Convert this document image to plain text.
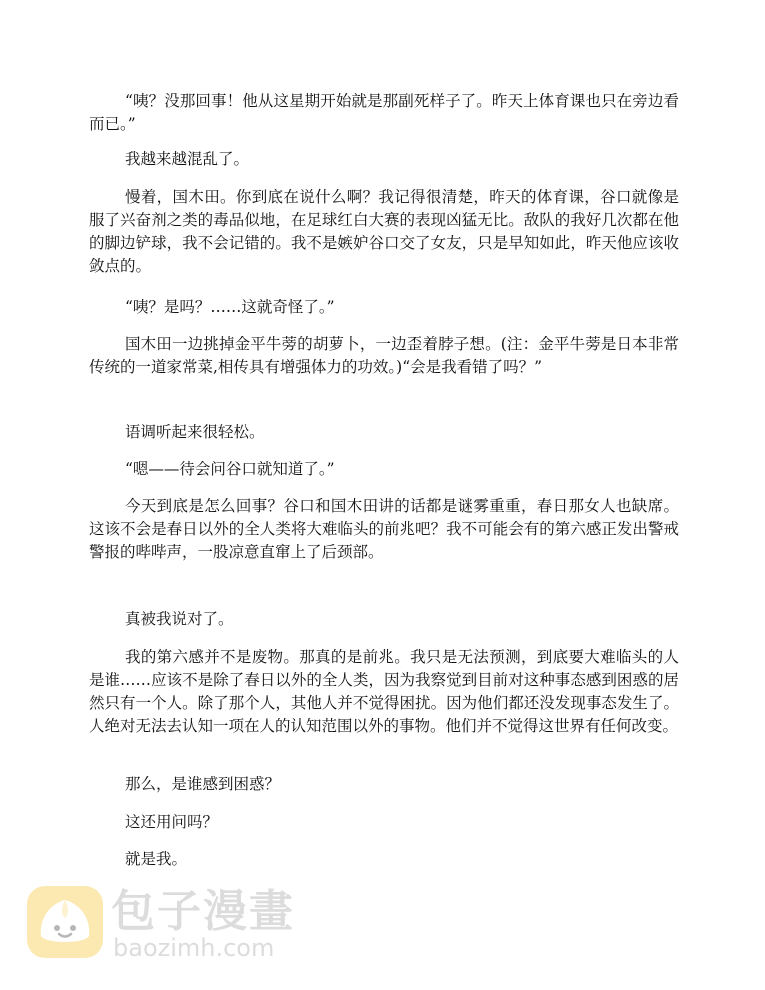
“咦？没那回事！他从这星期开始就是那副死样子了。昨天上体育课也只在旁边看而已。”

我越来越混乱了。

慢着，国木田。你到底在说什么啊？我记得很清楚，昨天的体育课，谷口就像是服了兴奋剂之类的毒品似地，在足球红白大赛的表现凶猛无比。敌队的我好几次都在他的脚边铲球，我不会记错的。我不是嫉妒谷口交了女友，只是早知如此，昨天他应该收敛点的。

“咦？是吗？……这就奇怪了。”

国木田一边挑掉金平牛蒡的胡萝卜，一边歪着脖子想。(注：金平牛蒡是日本非常传统的一道家常菜,相传具有增强体力的功效。)“会是我看错了吗？”

语调听起来很轻松。

“嗯——待会问谷口就知道了。”

今天到底是怎么回事？谷口和国木田讲的话都是谜雾重重，春日那女人也缺席。这该不会是春日以外的全人类将大难临头的前兆吧？我不可能会有的第六感正发出警戒警报的哔哔声，一股凉意直窜上了后颈部。

真被我说对了。

我的第六感并不是废物。那真的是前兆。我只是无法预测，到底要大难临头的人是谁……应该不是除了春日以外的全人类，因为我察觉到目前对这种事态感到困惑的居然只有一个人。除了那个人，其他人并不觉得困扰。因为他们都还没发现事态发生了。人绝对无法去认知一项在人的认知范围以外的事物。他们并不觉得这世界有任何改变。

那么，是谁感到困惑？

这还用问吗？

就是我。

包子漫畫
baozimh.com
